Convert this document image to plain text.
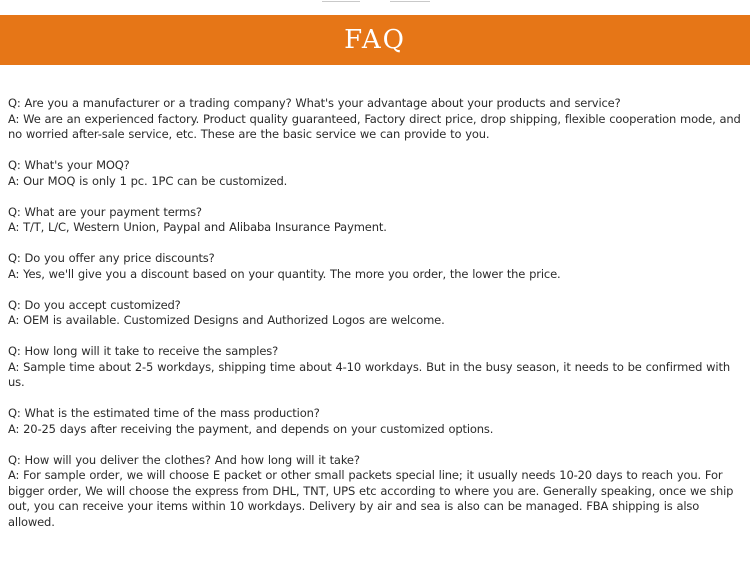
FAQ

Q: Are you a manufacturer or a trading company? What's your advantage about your products and service?

A: We are an experienced factory. Product quality guaranteed, Factory direct price, drop shipping, flexible cooperation mode, and no worried after-sale service, etc. These are the basic service we can provide to you.

Q: What's your MOQ?

A: Our MOQ is only 1 pc. 1PC can be customized.

Q: What are your payment terms?

A: T/T, L/C, Western Union, Paypal and Alibaba Insurance Payment.

Q: Do you offer any price discounts?

A: Yes, we'll give you a discount based on your quantity. The more you order, the lower the price.

Q: Do you accept customized?

A: OEM is available. Customized Designs and Authorized Logos are welcome.

Q: How long will it take to receive the samples?

A: Sample time about 2-5 workdays, shipping time about 4-10 workdays. But in the busy season, it needs to be confirmed with us.

Q: What is the estimated time of the mass production?

A: 20-25 days after receiving the payment, and depends on your customized options.

Q: How will you deliver the clothes? And how long will it take?

A: For sample order, we will choose E packet or other small packets special line; it usually needs 10-20 days to reach you. For bigger order, We will choose the express from DHL, TNT, UPS etc according to where you are. Generally speaking, once we ship out, you can receive your items within 10 workdays. Delivery by air and sea is also can be managed. FBA shipping is also allowed.
